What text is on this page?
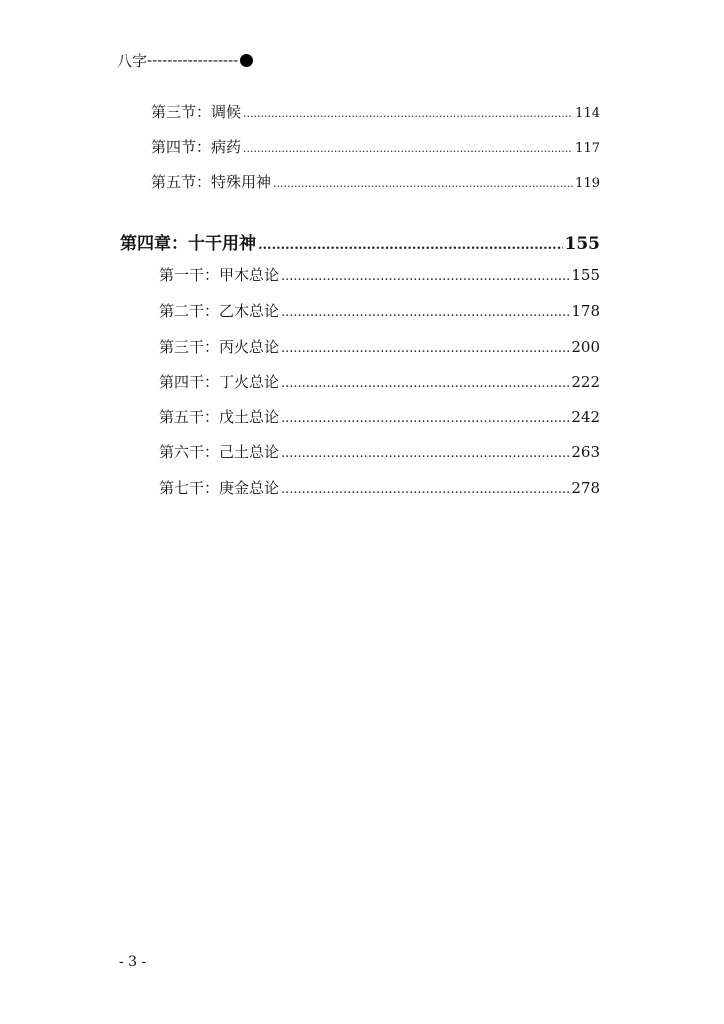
八字 ------------------
第三节：调候 .....	114
第四节：病药 .....	117
第五节：特殊用神 .....	119
第四章：十干用神 .....	155
第一干：甲木总论 .....	155
第二干：乙木总论 .....	178
第三干：丙火总论 .....	200
第四干：丁火总论 .....	222
第五干：戊土总论 .....	242
第六干：己土总论 .....	263
第七干：庚金总论 .....	278
- 3 -
